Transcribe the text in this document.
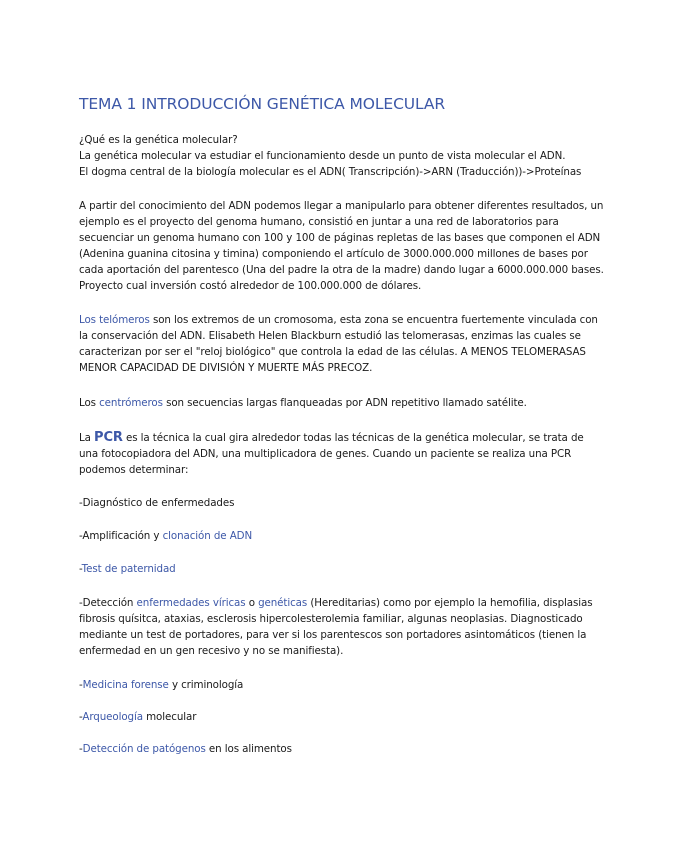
TEMA 1 INTRODUCCIÓN GENÉTICA MOLECULAR
¿Qué es la genética molecular?
La genética molecular va estudiar el funcionamiento desde un punto de vista molecular el ADN.
El dogma central de la biología molecular es el ADN( Transcripción)->ARN (Traducción))->Proteínas

A partir del conocimiento del ADN podemos llegar a manipularlo para obtener diferentes resultados, un ejemplo es el proyecto del genoma humano, consistió en juntar a una red de laboratorios para secuenciar un genoma humano con 100 y 100 de páginas repletas de las bases que componen el ADN (Adenina guanina citosina y timina) componiendo el artículo de 3000.000.000 millones de bases por cada aportación del parentesco (Una del padre la otra de la madre) dando lugar a 6000.000.000 bases. Proyecto cual inversión costó alrededor de 100.000.000 de dólares.

Los telómeros son los extremos de un cromosoma, esta zona se encuentra fuertemente vinculada con la conservación del ADN. Elisabeth Helen Blackburn estudió las telomerasas, enzimas las cuales se caracterizan por ser el "reloj biológico" que controla la edad de las células. A MENOS TELOMERASAS MENOR CAPACIDAD DE DIVISIÓN Y MUERTE MÁS PRECOZ.

Los centrómeros son secuencias largas flanqueadas por ADN repetitivo llamado satélite.

La PCR es la técnica la cual gira alrededor todas las técnicas de la genética molecular, se trata de una fotocopiadora del ADN, una multiplicadora de genes. Cuando un paciente se realiza una PCR podemos determinar:

-Diagnóstico de enfermedades
-Amplificación y clonación de ADN
-Test de paternidad

-Detección enfermedades víricas o genéticas (Hereditarias) como por ejemplo la hemofilia, displasias fibrosis quísitca, ataxias, esclerosis hipercolesterolemia familiar, algunas neoplasias. Diagnosticado mediante un test de portadores, para ver si los parentescos son portadores asintomáticos (tienen la enfermedad en un gen recesivo y no se manifiesta).

-Medicina forense y criminología
-Arqueología molecular
-Detección de patógenos en los alimentos
